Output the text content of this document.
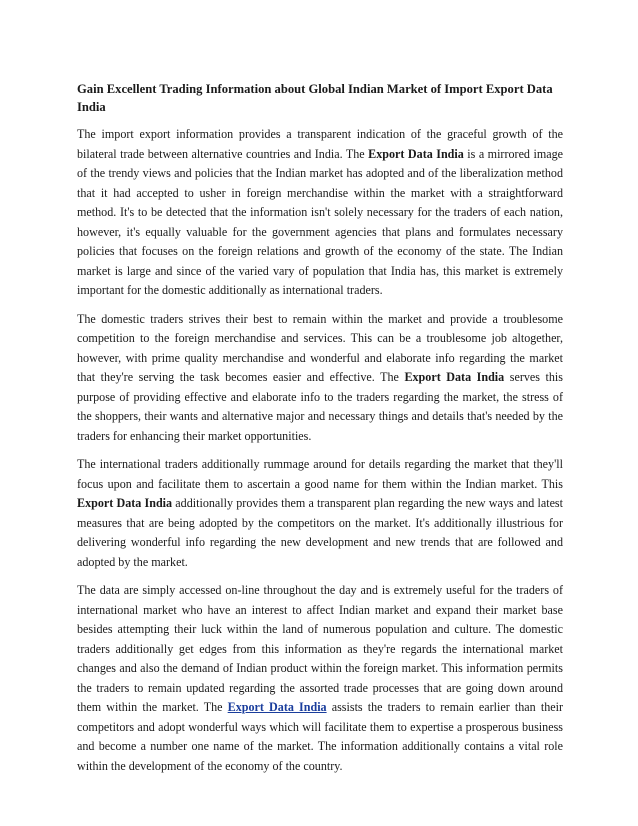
Gain Excellent Trading Information about Global Indian Market of Import Export Data India

The import export information provides a transparent indication of the graceful growth of the bilateral trade between alternative countries and India. The Export Data India is a mirrored image of the trendy views and policies that the Indian market has adopted and of the liberalization method that it had accepted to usher in foreign merchandise within the market with a straightforward method. It's to be detected that the information isn't solely necessary for the traders of each nation, however, it's equally valuable for the government agencies that plans and formulates necessary policies that focuses on the foreign relations and growth of the economy of the state. The Indian market is large and since of the varied vary of population that India has, this market is extremely important for the domestic additionally as international traders.

The domestic traders strives their best to remain within the market and provide a troublesome competition to the foreign merchandise and services. This can be a troublesome job altogether, however, with prime quality merchandise and wonderful and elaborate info regarding the market that they're serving the task becomes easier and effective. The Export Data India serves this purpose of providing effective and elaborate info to the traders regarding the market, the stress of the shoppers, their wants and alternative major and necessary things and details that's needed by the traders for enhancing their market opportunities.

The international traders additionally rummage around for details regarding the market that they'll focus upon and facilitate them to ascertain a good name for them within the Indian market. This Export Data India additionally provides them a transparent plan regarding the new ways and latest measures that are being adopted by the competitors on the market. It's additionally illustrious for delivering wonderful info regarding the new development and new trends that are followed and adopted by the market.

The data are simply accessed on-line throughout the day and is extremely useful for the traders of international market who have an interest to affect Indian market and expand their market base besides attempting their luck within the land of numerous population and culture. The domestic traders additionally get edges from this information as they're regards the international market changes and also the demand of Indian product within the foreign market. This information permits the traders to remain updated regarding the assorted trade processes that are going down around them within the market. The Export Data India assists the traders to remain earlier than their competitors and adopt wonderful ways which will facilitate them to expertise a prosperous business and become a number one name of the market. The information additionally contains a vital role within the development of the economy of the country.
